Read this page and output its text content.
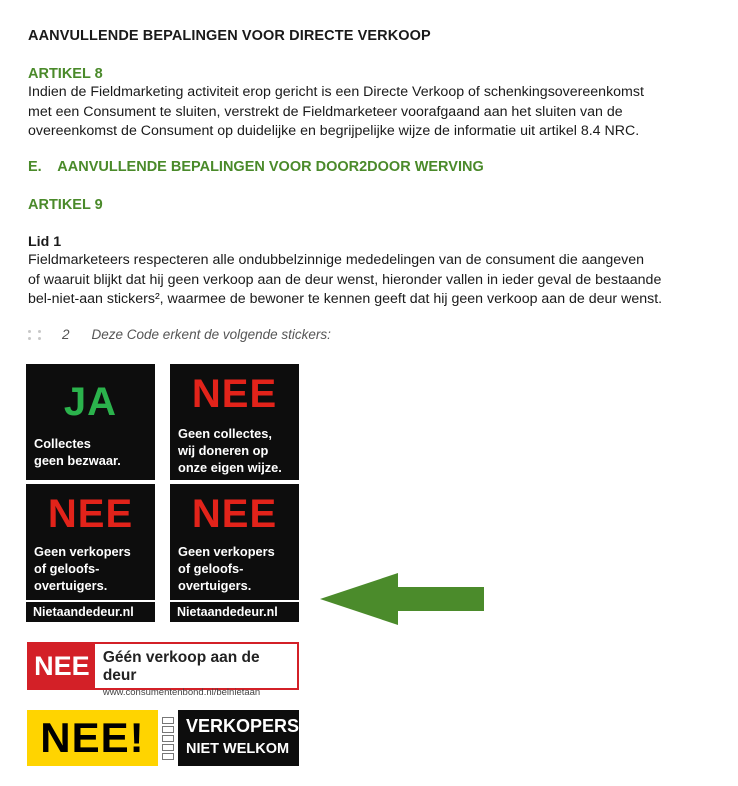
AANVULLENDE BEPALINGEN VOOR DIRECTE VERKOOP
ARTIKEL 8
Indien de Fieldmarketing activiteit erop gericht is een Directe Verkoop of schenkingsovereenkomst
met een Consument te sluiten, verstrekt de Fieldmarketeer voorafgaand aan het sluiten van de
overeenkomst de Consument op duidelijke en begrijpelijke wijze de informatie uit artikel 8.4 NRC.
E.    AANVULLENDE BEPALINGEN VOOR DOOR2DOOR WERVING
ARTIKEL 9
Lid 1
Fieldmarketeers respecteren alle ondubbelzinnige mededelingen van de consument die aangeven
of waaruit blijkt dat hij geen verkoop aan de deur wenst, hieronder vallen in ieder geval de bestaande
bel-niet-aan stickers², waarmee de bewoner te kennen geeft dat hij geen verkoop aan de deur wenst.
2 Deze Code erkent de volgende stickers:
JA
Collectes
geen bezwaar.
NEE
Geen collectes,
wij doneren op
onze eigen wijze.
NEE
Geen verkopers
of geloofs-
overtuigers.
Nietaandedeur.nl
NEE
Geen verkopers
of geloofs-
overtuigers.
Nietaandedeur.nl
NEE Géén verkoop aan de deur
www.consumentenbond.nl/belnietaan
NEE!	VERKOPERS
NIET WELKOM
